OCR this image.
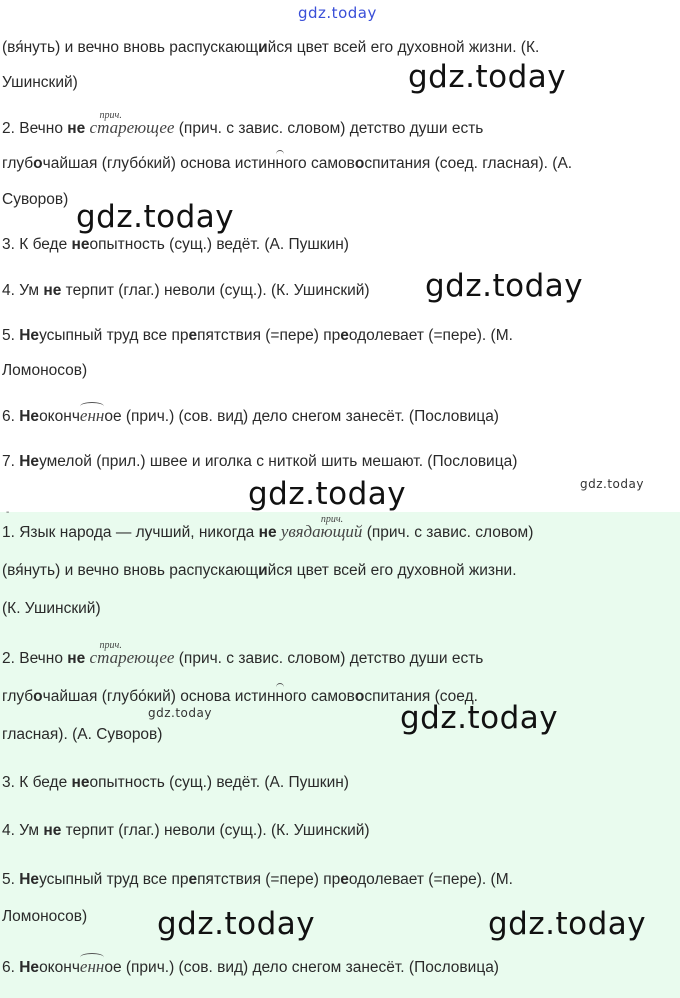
gdz.today
(вя́нуть) и вечно вновь распускающийся цвет всей его духовной жизни. (К.
Ушинский)
2. Вечно не
прич.
стареющее (прич. с завис. словом) детство души есть
глубочайшая (глубо́кий) основа истинного самовоспитания (соед. гласная). (А.
Суворов)
3. К беде неопытность (сущ.) ведёт. (А. Пушкин)
4. Ум не терпит (глаг.) неволи (сущ.). (К. Ушинский)
5. Неусыпный труд все препятствия (=пере) преодолевает (=пере). (М.
Ломоносов)
6. Неоконченное (прич.) (сов. вид) дело снегом занесёт. (Пословица)
7. Неумелой (прил.) швее и иголка с ниткой шить мешают. (Пословица)
-
1. Язык народа — лучший, никогда не
прич.
увядающий (прич. с завис. словом)
(вя́нуть) и вечно вновь распускающийся цвет всей его духовной жизни.
(К. Ушинский)
2. Вечно не
прич.
стареющее (прич. с завис. словом) детство души есть
глубочайшая (глубо́кий) основа истинного самовоспитания (соед.
гласная). (А. Суворов)
3. К беде неопытность (сущ.) ведёт. (А. Пушкин)
4. Ум не терпит (глаг.) неволи (сущ.). (К. Ушинский)
5. Неусыпный труд все препятствия (=пере) преодолевает (=пере). (М.
Ломоносов)
6. Неоконченное (прич.) (сов. вид) дело снегом занесёт. (Пословица)
gdz.today
gdz.today
gdz.today
gdz.today	gdz.today
gdz.today	gdz.today
gdz.today	gdz.today
